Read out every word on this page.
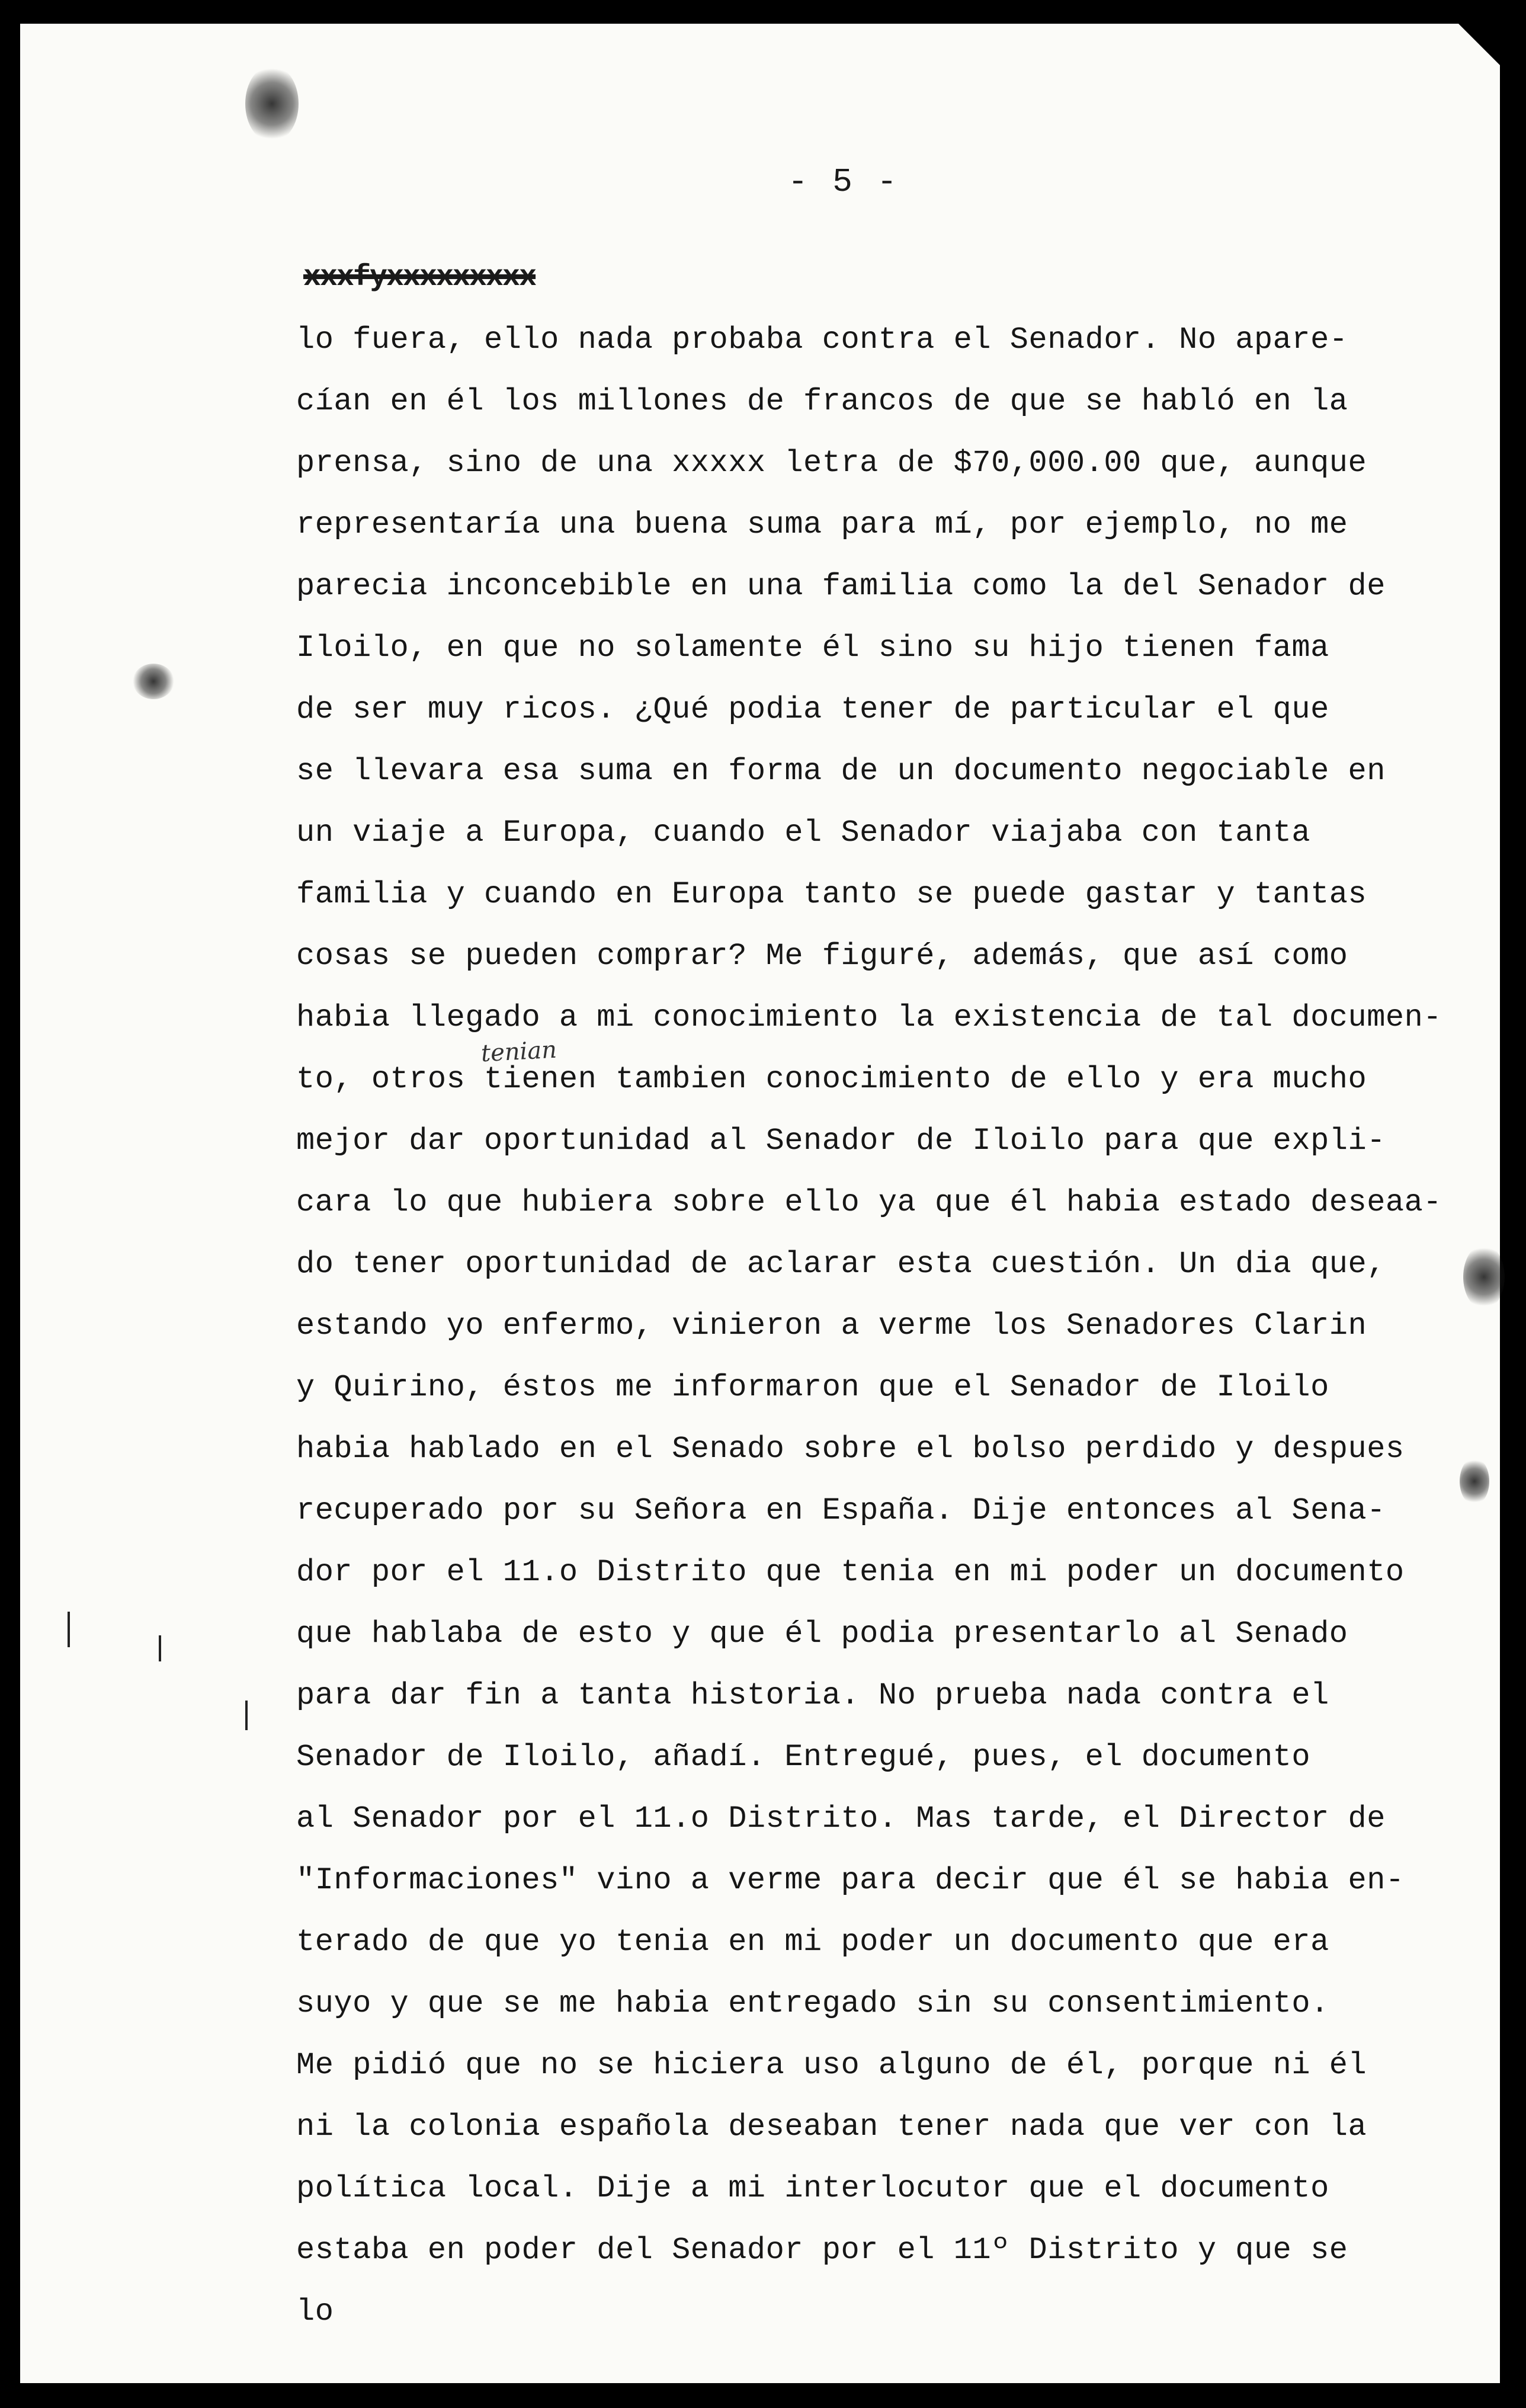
- 5 -
xxxfyxxxxxxxxx
tenian
lo fuera, ello nada probaba contra el Senador. No apare-
cían en él los millones de francos de que se habló en la
prensa, sino de una xxxxx letra de $70,000.00 que, aunque
representaría una buena suma para mí, por ejemplo, no me
parecia inconcebible en una familia como la del Senador de
Iloilo, en que no solamente él sino su hijo tienen fama
de ser muy ricos. ¿Qué podia tener de particular el que
se llevara esa suma en forma de un documento negociable en
un viaje a Europa, cuando el Senador viajaba con tanta
familia y cuando en Europa tanto se puede gastar y tantas
cosas se pueden comprar? Me figuré, además, que así como
habia llegado a mi conocimiento la existencia de tal documen-
to, otros tienen tambien conocimiento de ello y era mucho
mejor dar oportunidad al Senador de Iloilo para que expli-
cara lo que hubiera sobre ello ya que él habia estado deseaa-
do tener oportunidad de aclarar esta cuestión. Un dia que,
estando yo enfermo, vinieron a verme los Senadores Clarin
y Quirino, éstos me informaron que el Senador de Iloilo
habia hablado en el Senado sobre el bolso perdido y despues
recuperado por su Señora en España. Dije entonces al Sena-
dor por el 11.o Distrito que tenia en mi poder un documento
que hablaba de esto y que él podia presentarlo al Senado
para dar fin a tanta historia. No prueba nada contra el
Senador de Iloilo, añadí. Entregué, pues, el documento
al Senador por el 11.o Distrito. Mas tarde, el Director de
"Informaciones" vino a verme para decir que él se habia en-
terado de que yo tenia en mi poder un documento que era
suyo y que se me habia entregado sin su consentimiento.
Me pidió que no se hiciera uso alguno de él, porque ni él
ni la colonia española deseaban tener nada que ver con la
política local. Dije a mi interlocutor que el documento
estaba en poder del Senador por el 11º Distrito y que se
lo
